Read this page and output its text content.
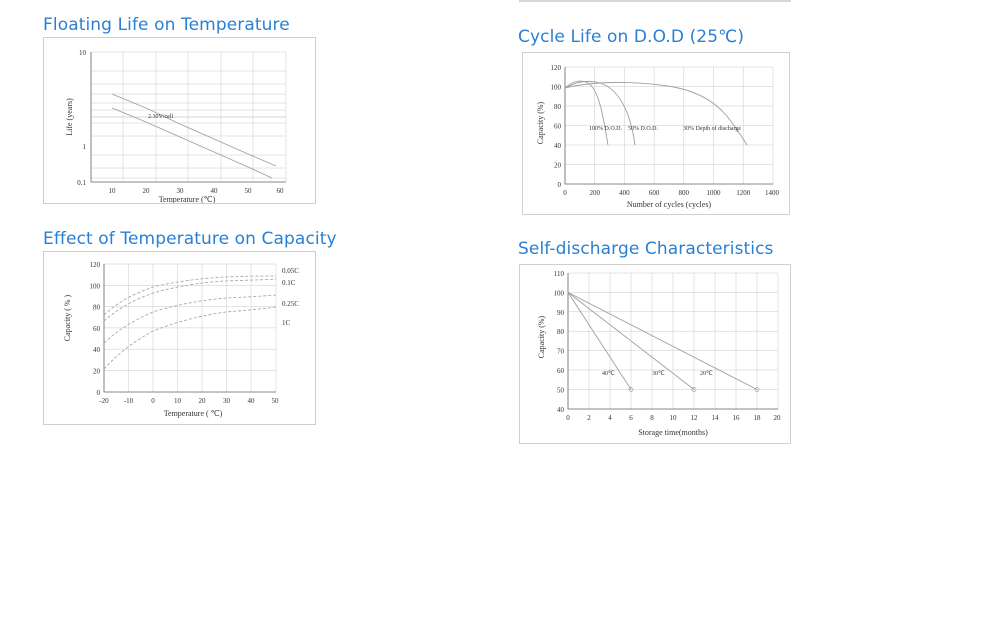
Floating Life on Temperature
10
1
0.1
10	20	30	40	50	60
2.30V/cell
Temperature (℃)
Life (years)
Cycle Life on D.O.D (25℃)
120
100
80
60
40
20
0
0	200	400	600	800 1000 1200 1400
100% D.O.D. 50% D.O.D.	30% Depth of discharge
Number of cycles (cycles)
Capacity (%)
Effect of Temperature on Capacity
120
100
80
60
40
20
0
-20 -10	0	10	20	30	40 50
0.05C
0.1C
0.25C
1C
Temperature ( ℃)
Capacity ( % )
Self-discharge Characteristics
110
100
90
80
70
60
50
40
0	2	4	6	8 10 12 14 16 18 20
40℃	30℃	20℃
Storage time(months)
Capacity (%)
